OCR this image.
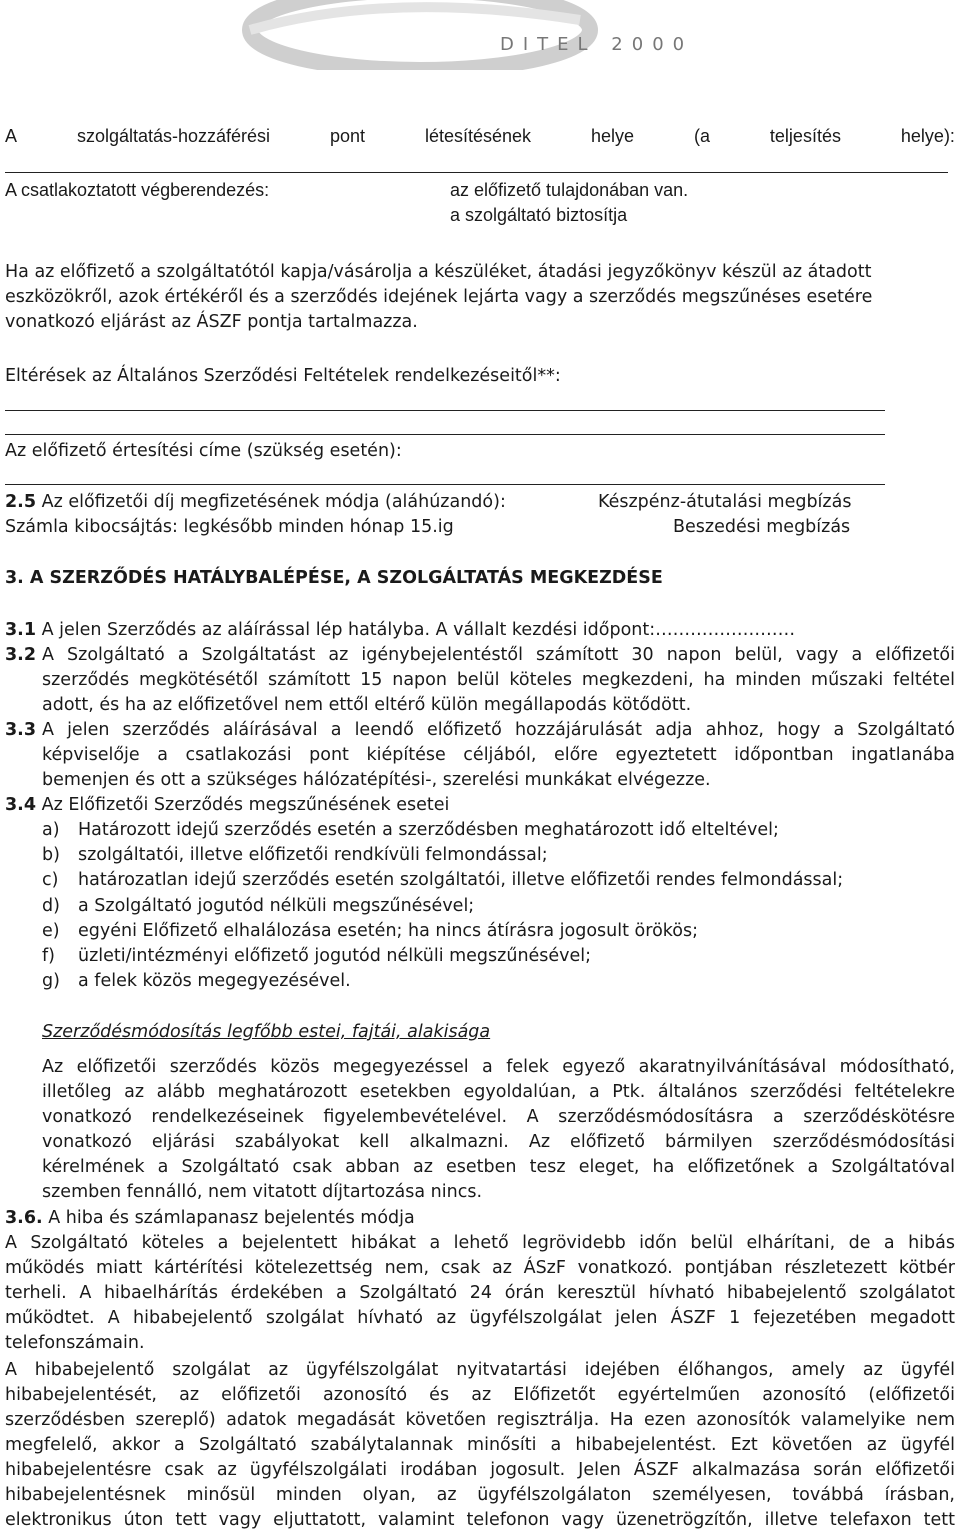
DITEL 2000
A	szolgáltatás-hozzáférési	pont	létesítésének	helye	(a	teljesítés	helye):
A csatlakoztatott végberendezés:	az előfizető tulajdonában van.
a szolgáltató biztosítja
Ha az előfizető a szolgáltatótól kapja/vásárolja a készüléket, átadási jegyzőkönyv készül az átadott
eszközökről, azok értékéről és a szerződés idejének lejárta vagy a szerződés megszűnéses esetére
vonatkozó eljárást az ÁSZF pontja tartalmazza.
Eltérések az Általános Szerződési Feltételek rendelkezéseitől**:
Az előfizető értesítési címe (szükség esetén):
2.5 Az előfizetői díj megfizetésének módja (aláhúzandó):	Készpénz-átutalási megbízás
Számla kibocsájtás: legkésőbb minden hónap 15.ig	Beszedési megbízás
3. A SZERZŐDÉS HATÁLYBALÉPÉSE, A SZOLGÁLTATÁS MEGKEZDÉSE
3.1 A jelen Szerződés az aláírással lép hatályba. A vállalt kezdési időpont:……………………
3.2 A Szolgáltató a Szolgáltatást az igénybejelentéstől számított 30 napon belül, vagy a előfizetői
szerződés megkötésétől számított 15 napon belül köteles megkezdeni, ha minden műszaki feltétel
adott, és ha az előfizetővel nem ettől eltérő külön megállapodás kötődött.
3.3 A jelen szerződés aláírásával a leendő előfizető hozzájárulását adja ahhoz, hogy a Szolgáltató
képviselője a csatlakozási pont kiépítése céljából, előre egyeztetett időpontban ingatlanába
bemenjen és ott a szükséges hálózatépítési-, szerelési munkákat elvégezze.
3.4 Az Előfizetői Szerződés megszűnésének esetei
a) Határozott idejű szerződés esetén a szerződésben meghatározott idő elteltével;
b) szolgáltatói, illetve előfizetői rendkívüli felmondással;
c) határozatlan idejű szerződés esetén szolgáltatói, illetve előfizetői rendes felmondással;
d) a Szolgáltató jogutód nélküli megszűnésével;
e) egyéni Előfizető elhalálozása esetén; ha nincs átírásra jogosult örökös;
f) üzleti/intézményi előfizető jogutód nélküli megszűnésével;
g) a felek közös megegyezésével.
Szerződésmódosítás legfőbb estei, fajtái, alakisága
Az előfizetői szerződés közös megegyezéssel a felek egyező akaratnyilvánításával módosítható,
illetőleg az alább meghatározott esetekben egyoldalúan, a Ptk. általános szerződési feltételekre
vonatkozó rendelkezéseinek figyelembevételével. A szerződésmódosításra a szerződéskötésre
vonatkozó eljárási szabályokat kell alkalmazni. Az előfizető bármilyen szerződésmódosítási
kérelmének a Szolgáltató csak abban az esetben tesz eleget, ha előfizetőnek a Szolgáltatóval
szemben fennálló, nem vitatott díjtartozása nincs.
3.6. A hiba és számlapanasz bejelentés módja
A Szolgáltató köteles a bejelentett hibákat a lehető legrövidebb időn belül elhárítani, de a hibás
működés miatt kártérítési kötelezettség nem, csak az ÁSzF vonatkozó. pontjában részletezett kötbér
terheli. A hibaelhárítás érdekében a Szolgáltató 24 órán keresztül hívható hibabejelentő szolgálatot
működtet. A hibabejelentő szolgálat hívható az ügyfélszolgálat jelen ÁSZF 1 fejezetében megadott
telefonszámain.
A hibabejelentő szolgálat az ügyfélszolgálat nyitvatartási idejében élőhangos, amely az ügyfél
hibabejelentését, az előfizetői azonosító és az Előfizetőt egyértelműen azonosító (előfizetői
szerződésben szereplő) adatok megadását követően regisztrálja. Ha ezen azonosítók valamelyike nem
megfelelő, akkor a Szolgáltató szabálytalannak minősíti a hibabejelentést. Ezt követően az ügyfél
hibabejelentésre csak az ügyfélszolgálati irodában jogosult. Jelen ÁSZF alkalmazása során előfizetői
hibabejelentésnek minősül minden olyan, az ügyfélszolgálaton személyesen, továbbá írásban,
elektronikus úton tett vagy eljuttatott, valamint telefonon vagy üzenetrögzítőn, illetve telefaxon tett
